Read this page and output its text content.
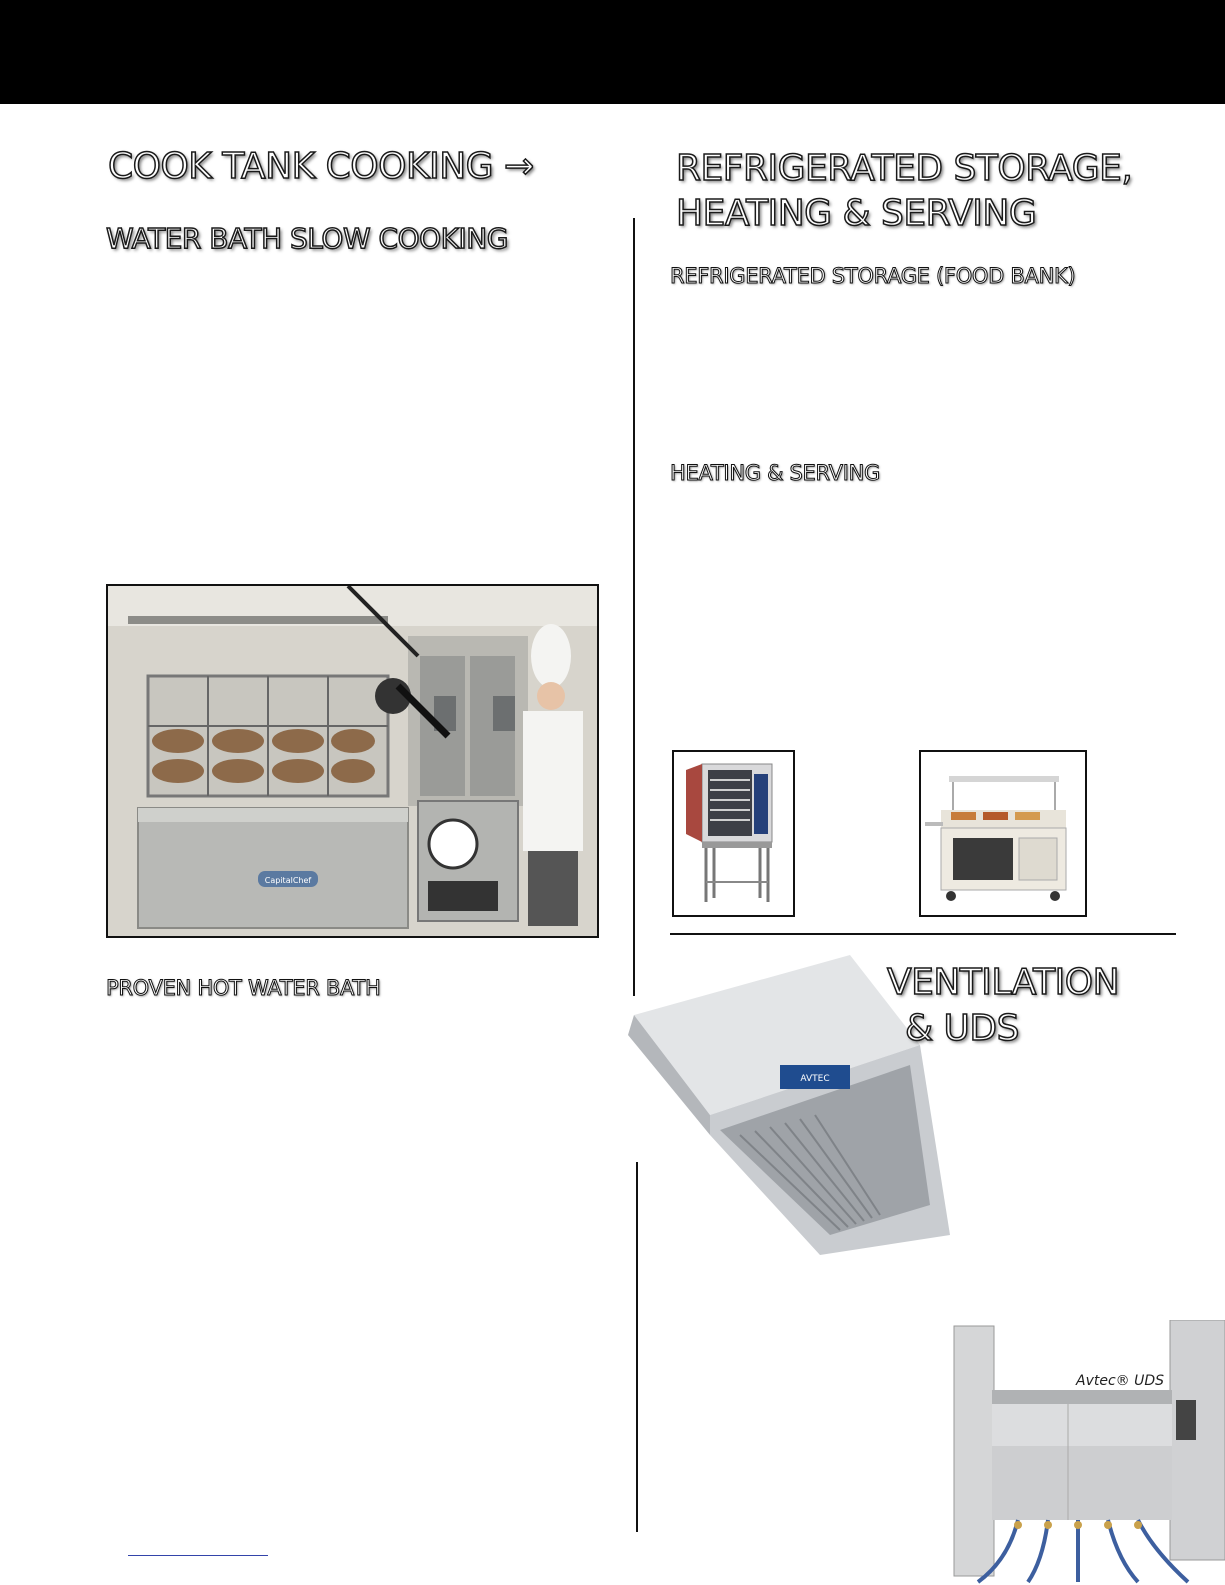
COOK TANK COOKING →
WATER BATH SLOW COOKING
CapitalChef
PROVEN HOT WATER BATH
REFRIGERATED STORAGE,
HEATING & SERVING
REFRIGERATED STORAGE (FOOD BANK)
HEATING & SERVING
AVTEC
VENTILATION
& UDS
Avtec® UDS
